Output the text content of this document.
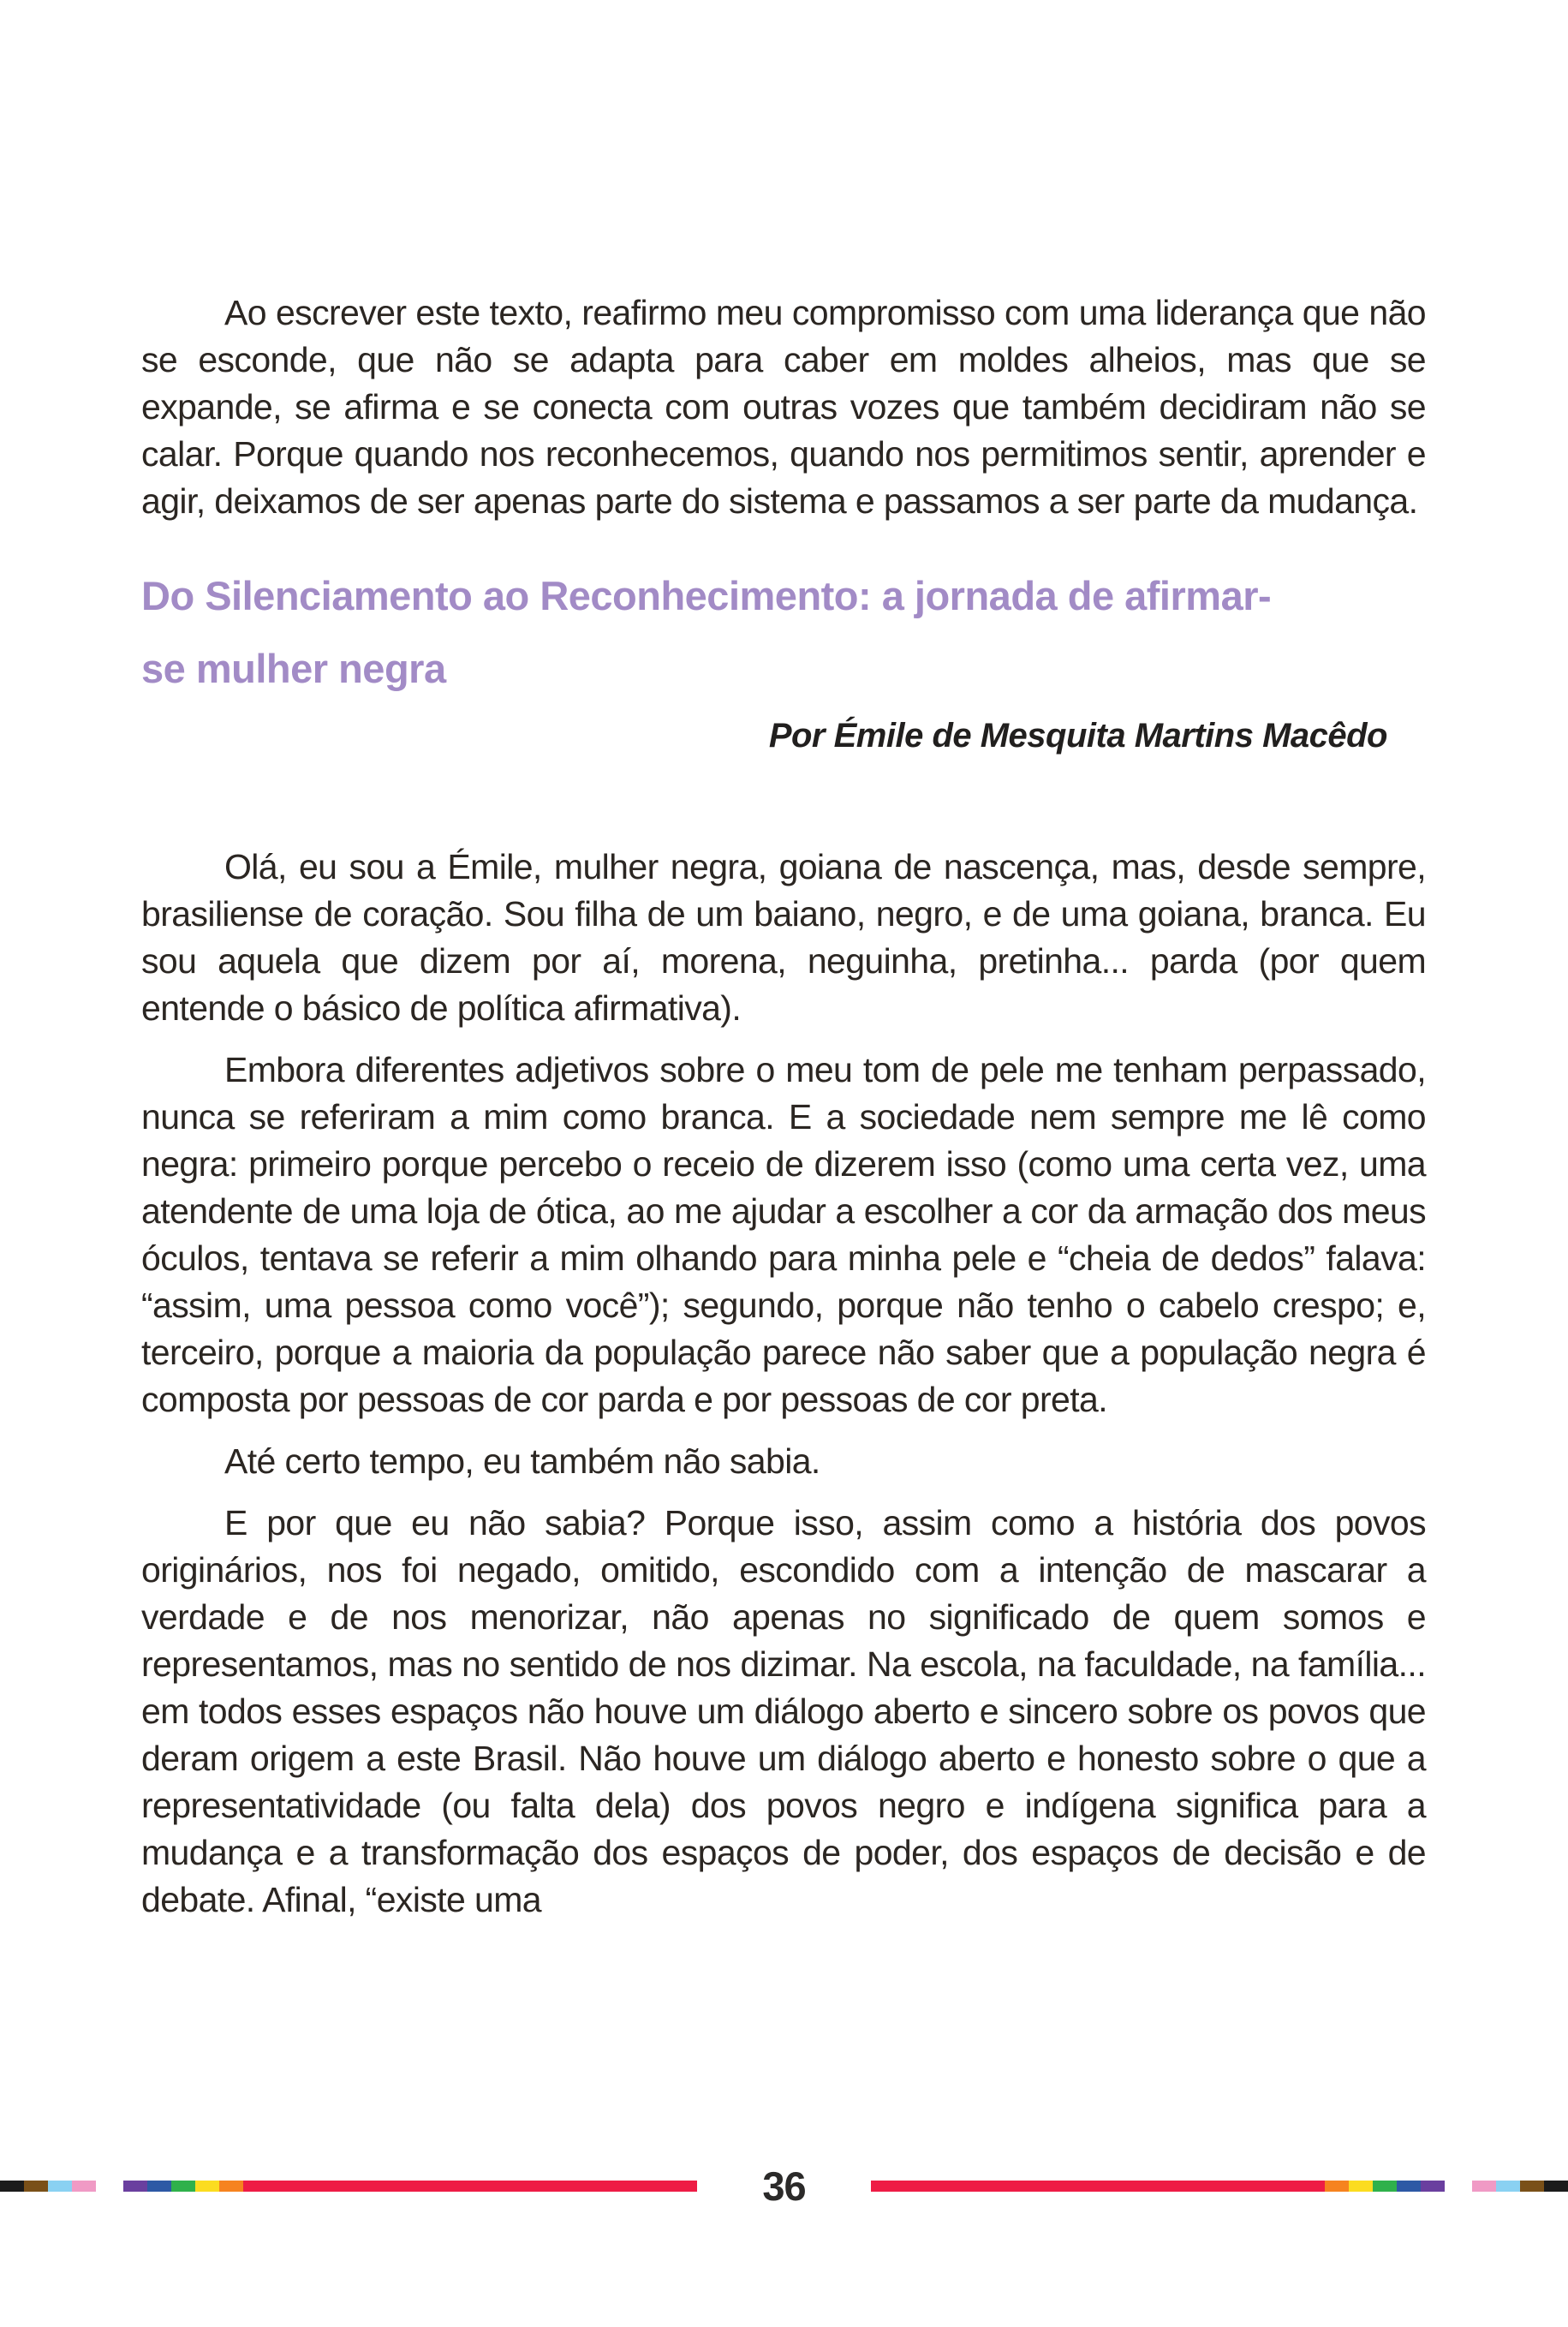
Ao escrever este texto, reafirmo meu compromisso com uma liderança que não se esconde, que não se adapta para caber em moldes alheios, mas que se expande, se afirma e se conecta com outras vozes que também decidiram não se calar. Porque quando nos reconhecemos, quando nos permitimos sentir, aprender e agir, deixamos de ser apenas parte do sistema e passamos a ser parte da mudança.

Do Silenciamento ao Reconhecimento: a jornada de afirmar-
se mulher negra
Por Émile de Mesquita Martins Macêdo

Olá, eu sou a Émile, mulher negra, goiana de nascença, mas, desde sempre, brasiliense de coração. Sou filha de um baiano, negro, e de uma goiana, branca. Eu sou aquela que dizem por aí, morena, neguinha, pretinha... parda (por quem entende o básico de política afirmativa).

Embora diferentes adjetivos sobre o meu tom de pele me tenham perpassado, nunca se referiram a mim como branca. E a sociedade nem sempre me lê como negra: primeiro porque percebo o receio de dizerem isso (como uma certa vez, uma atendente de uma loja de ótica, ao me ajudar a escolher a cor da armação dos meus óculos, tentava se referir a mim olhando para minha pele e “cheia de dedos” falava: “assim, uma pessoa como você”); segundo, porque não tenho o cabelo crespo; e, terceiro, porque a maioria da população parece não saber que a população negra é composta por pessoas de cor parda e por pessoas de cor preta.

Até certo tempo, eu também não sabia.

E por que eu não sabia? Porque isso, assim como a história dos povos originários, nos foi negado, omitido, escondido com a intenção de mascarar a verdade e de nos menorizar, não apenas no significado de quem somos e representamos, mas no sentido de nos dizimar. Na escola, na faculdade, na família... em todos esses espaços não houve um diálogo aberto e sincero sobre os povos que deram origem a este Brasil. Não houve um diálogo aberto e honesto sobre o que a representatividade (ou falta dela) dos povos negro e indígena significa para a mudança e a transformação dos espaços de poder, dos espaços de decisão e de debate. Afinal, “existe uma

36
